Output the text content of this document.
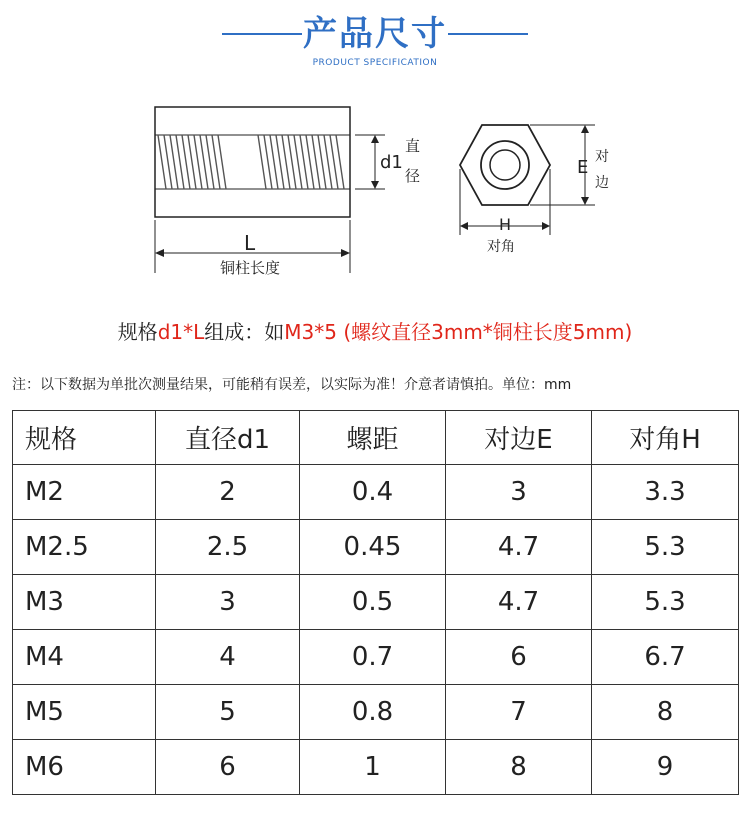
产品尺寸
PRODUCT SPECIFICATION
d1
直
径
L
铜柱长度
E 对
边
H
对角
规格d1*L组成：如M3*5 (螺纹直径3mm*铜柱长度5mm)
注：以下数据为单批次测量结果，可能稍有误差，以实际为准！介意者请慎拍。单位：mm
规格	直径d1	螺距	对边E	对角H
M2	2	0.4	3	3.3
M2.5	2.5	0.45	4.7	5.3
M3	3	0.5	4.7	5.3
M4	4	0.7	6	6.7
M5	5	0.8	7	8
M6	6	1	8	9
